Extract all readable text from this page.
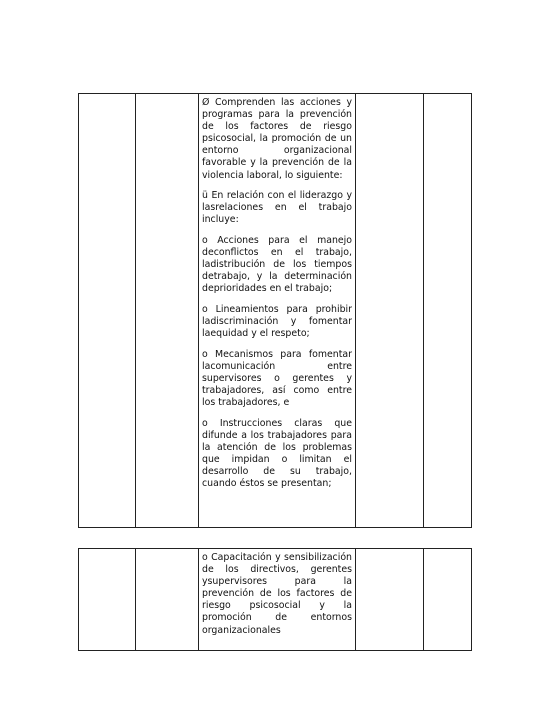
Ø Comprenden las acciones y programas para la prevención de los factores de riesgo psicosocial, la promoción de un entorno organizacional favorable y la prevención de la violencia laboral, lo siguiente:

ü En relación con el liderazgo y lasrelaciones en el trabajo incluye:

o Acciones para el manejo deconflictos en el trabajo, ladistribución de los tiempos detrabajo, y la determinación deprioridades en el trabajo;

o Lineamientos para prohibir ladiscriminación y fomentar laequidad y el respeto;

o Mecanismos para fomentar lacomunicación entre supervisores o gerentes y trabajadores, así como entre los trabajadores, e

o Instrucciones claras que difunde a los trabajadores para la atención de los problemas que impidan o limitan el desarrollo de su trabajo, cuando éstos se presentan;

o Capacitación y sensibilización de los directivos, gerentes ysupervisores para la prevención de los factores de riesgo psicosocial y la promoción de entornos organizacionales
